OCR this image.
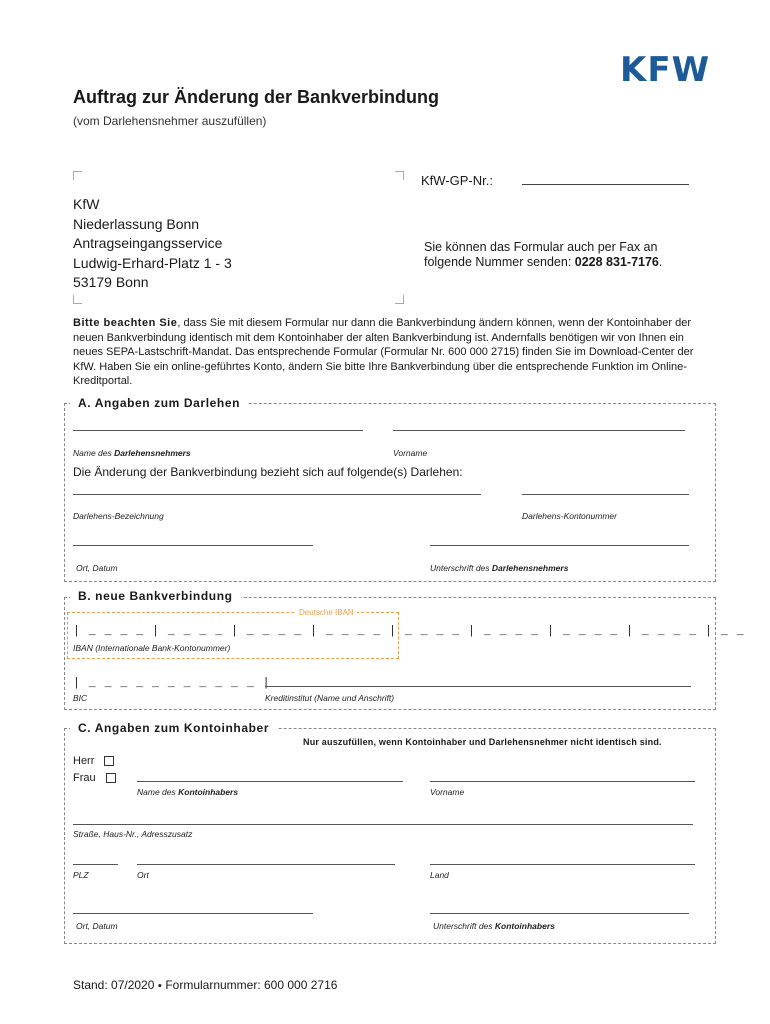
KFW
Auftrag zur Änderung der Bankverbindung
(vom Darlehensnehmer auszufüllen)
KfW
Niederlassung Bonn
Antragseingangsservice
Ludwig-Erhard-Platz 1 - 3
53179 Bonn
KfW-GP-Nr.:
Sie können das Formular auch per Fax an
folgende Nummer senden: 0228 831-7176.
Bitte beachten Sie, dass Sie mit diesem Formular nur dann die Bankverbindung ändern können, wenn der Kontoinhaber der neuen Bankverbindung identisch mit dem Kontoinhaber der alten Bankverbindung ist. Andernfalls benötigen wir von Ihnen ein neues SEPA-Lastschrift-Mandat. Das entsprechende Formular (Formular Nr. 600 000 2715) finden Sie im Download-Center der KfW. Haben Sie ein online-geführtes Konto, ändern Sie bitte Ihre Bankverbindung über die entsprechende Funktion im Online-Kreditportal.
A. Angaben zum Darlehen
Name des Darlehensnehmers	Vorname
Die Änderung der Bankverbindung bezieht sich auf folgende(s) Darlehen:
Darlehens-Bezeichnung	Darlehens-Kontonummer
Ort, Datum	Unterschrift des Darlehensnehmers
B. neue Bankverbindung
Deutsche IBAN
| _ _ _ _ | _ _ _ _ | _ _ _ _ | _ _ _ _ | _ _ _ _ | _ _ _ _ | _ _ _ _ | _ _ _ _ | _ _
IBAN (Internationale Bank-Kontonummer)
| _ _ _ _ _ _ _ _ _ _ _ |
BIC	Kreditinstitut (Name und Anschrift)
C. Angaben zum Kontoinhaber
Nur auszufüllen, wenn Kontoinhaber und Darlehensnehmer nicht identisch sind.
Herr
Frau
Name des Kontoinhabers	Vorname
Straße, Haus-Nr., Adresszusatz
PLZ	Ort	Land
Ort, Datum	Unterschrift des Kontoinhabers
Stand: 07/2020 ● Formularnummer: 600 000 2716
